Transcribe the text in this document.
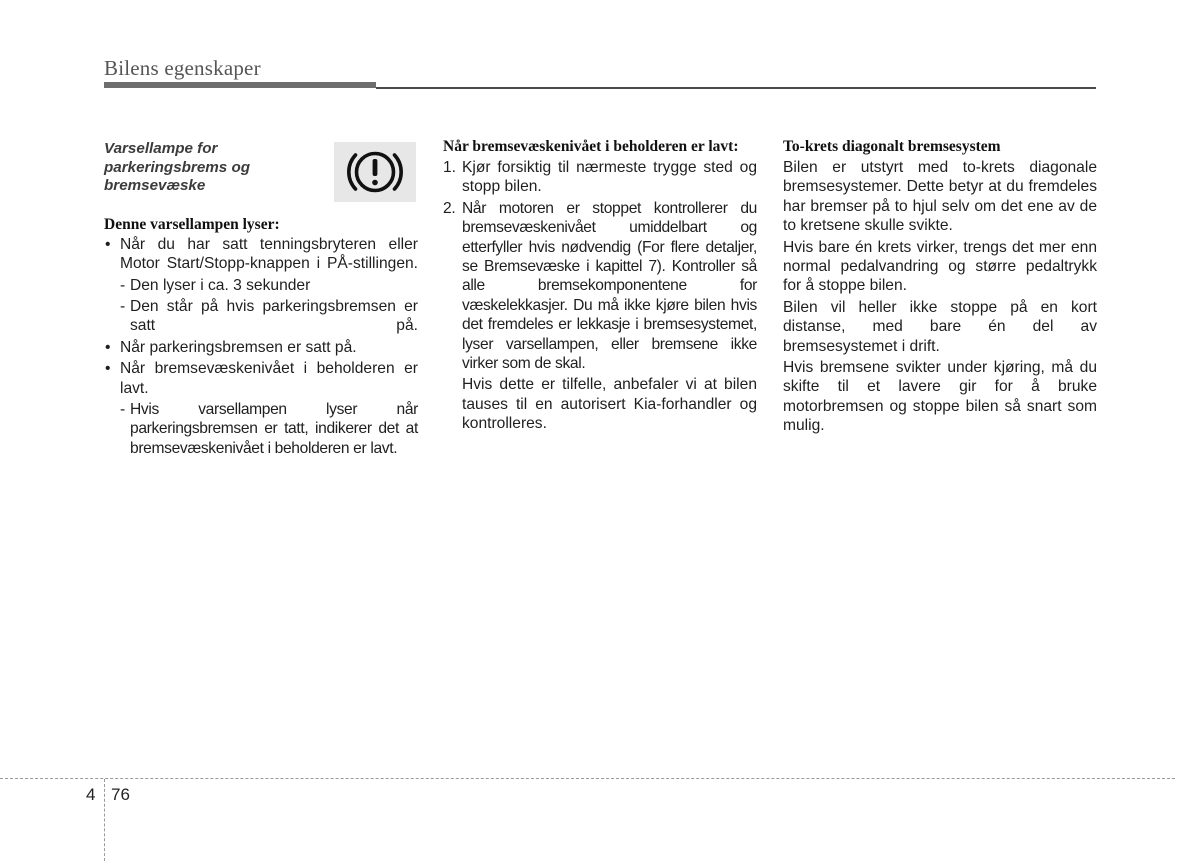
Bilens egenskaper
Varsellampe for parkeringsbrems og bremsevæske
Denne varsellampen lyser:
• Når du har satt tenningsbryteren eller Motor Start/Stopp-knappen i PÅ-stillingen.
- Den lyser i ca. 3 sekunder
- Den står på hvis parkeringsbremsen er satt på.
• Når parkeringsbremsen er satt på.
• Når bremsevæskenivået i beholderen er lavt.
- Hvis varsellampen lyser når parkeringsbremsen er tatt, indikerer det at bremsevæskenivået i beholderen er lavt.
Når bremsevæskenivået i beholderen er lavt:
1. Kjør forsiktig til nærmeste trygge sted og stopp bilen.
2. Når motoren er stoppet kontrollerer du bremsevæskenivået umiddelbart og etterfyller hvis nødvendig (For flere detaljer, se Bremsevæske i kapittel 7). Kontroller så alle bremsekomponentene for væskelekkasjer. Du må ikke kjøre bilen hvis det fremdeles er lekkasje i bremsesystemet, lyser varsellampen, eller bremsene ikke virker som de skal.
Hvis dette er tilfelle, anbefaler vi at bilen tauses til en autorisert Kia-forhandler og kontrolleres.
To-krets diagonalt bremsesystem
Bilen er utstyrt med to-krets diagonale bremsesystemer. Dette betyr at du fremdeles har bremser på to hjul selv om det ene av de to kretsene skulle svikte.
Hvis bare én krets virker, trengs det mer enn normal pedalvandring og større pedaltrykk for å stoppe bilen.
Bilen vil heller ikke stoppe på en kort distanse, med bare én del av bremsesystemet i drift.
Hvis bremsene svikter under kjøring, må du skifte til et lavere gir for å bruke motorbremsen og stoppe bilen så snart som mulig.
4 76
